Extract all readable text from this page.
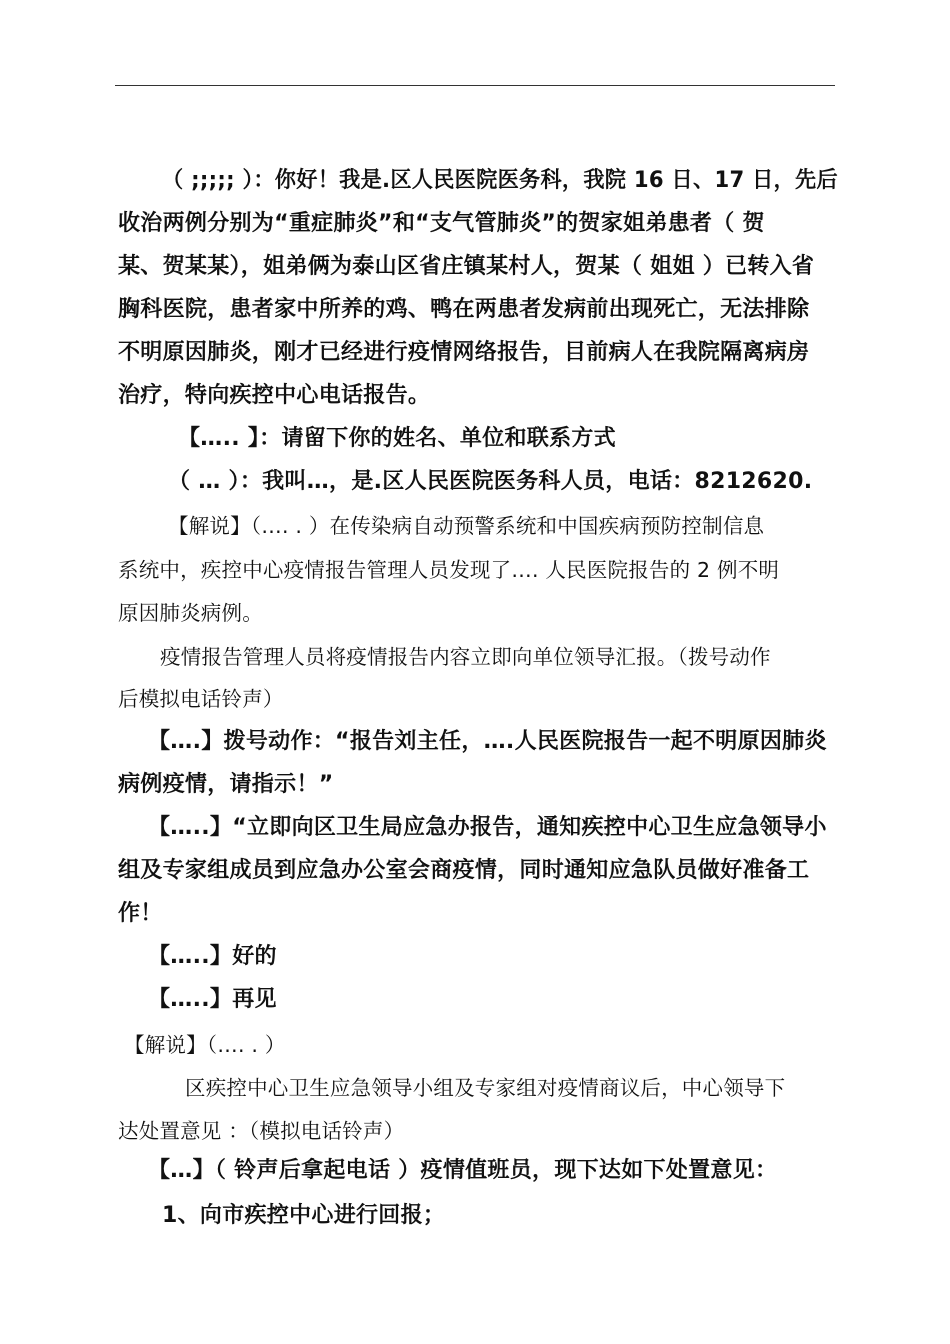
（ ;;;;; ）：你好！我是.区人民医院医务科，我院 16 日、17 日，先后
收治两例分别为“重症肺炎”和“支气管肺炎”的贺家姐弟患者（ 贺
某、贺某某），姐弟俩为泰山区省庄镇某村人，贺某（ 姐姐 ）已转入省
胸科医院，患者家中所养的鸡、鸭在两患者发病前出现死亡，无法排除
不明原因肺炎，刚才已经进行疫情网络报告，目前病人在我院隔离病房
治疗，特向疾控中心电话报告。
【….. 】：请留下你的姓名、单位和联系方式
（ … ）：我叫…，是.区人民医院医务科人员，电话：8212620.
【解说】（…. . ）在传染病自动预警系统和中国疾病预防控制信息
系统中，疾控中心疫情报告管理人员发现了…. 人民医院报告的 2 例不明
原因肺炎病例。
疫情报告管理人员将疫情报告内容立即向单位领导汇报。（拨号动作
后模拟电话铃声）
【….】拨号动作：“报告刘主任，….人民医院报告一起不明原因肺炎
病例疫情，请指示！”
【…..】“立即向区卫生局应急办报告，通知疾控中心卫生应急领导小
组及专家组成员到应急办公室会商疫情，同时通知应急队员做好准备工
作！
【…..】好的
【…..】再见
【解说】（…. . ）
区疾控中心卫生应急领导小组及专家组对疫情商议后，中心领导下
达处置意见 ：（模拟电话铃声）
【…】（ 铃声后拿起电话 ）疫情值班员，现下达如下处置意见：
1、向市疾控中心进行回报；
